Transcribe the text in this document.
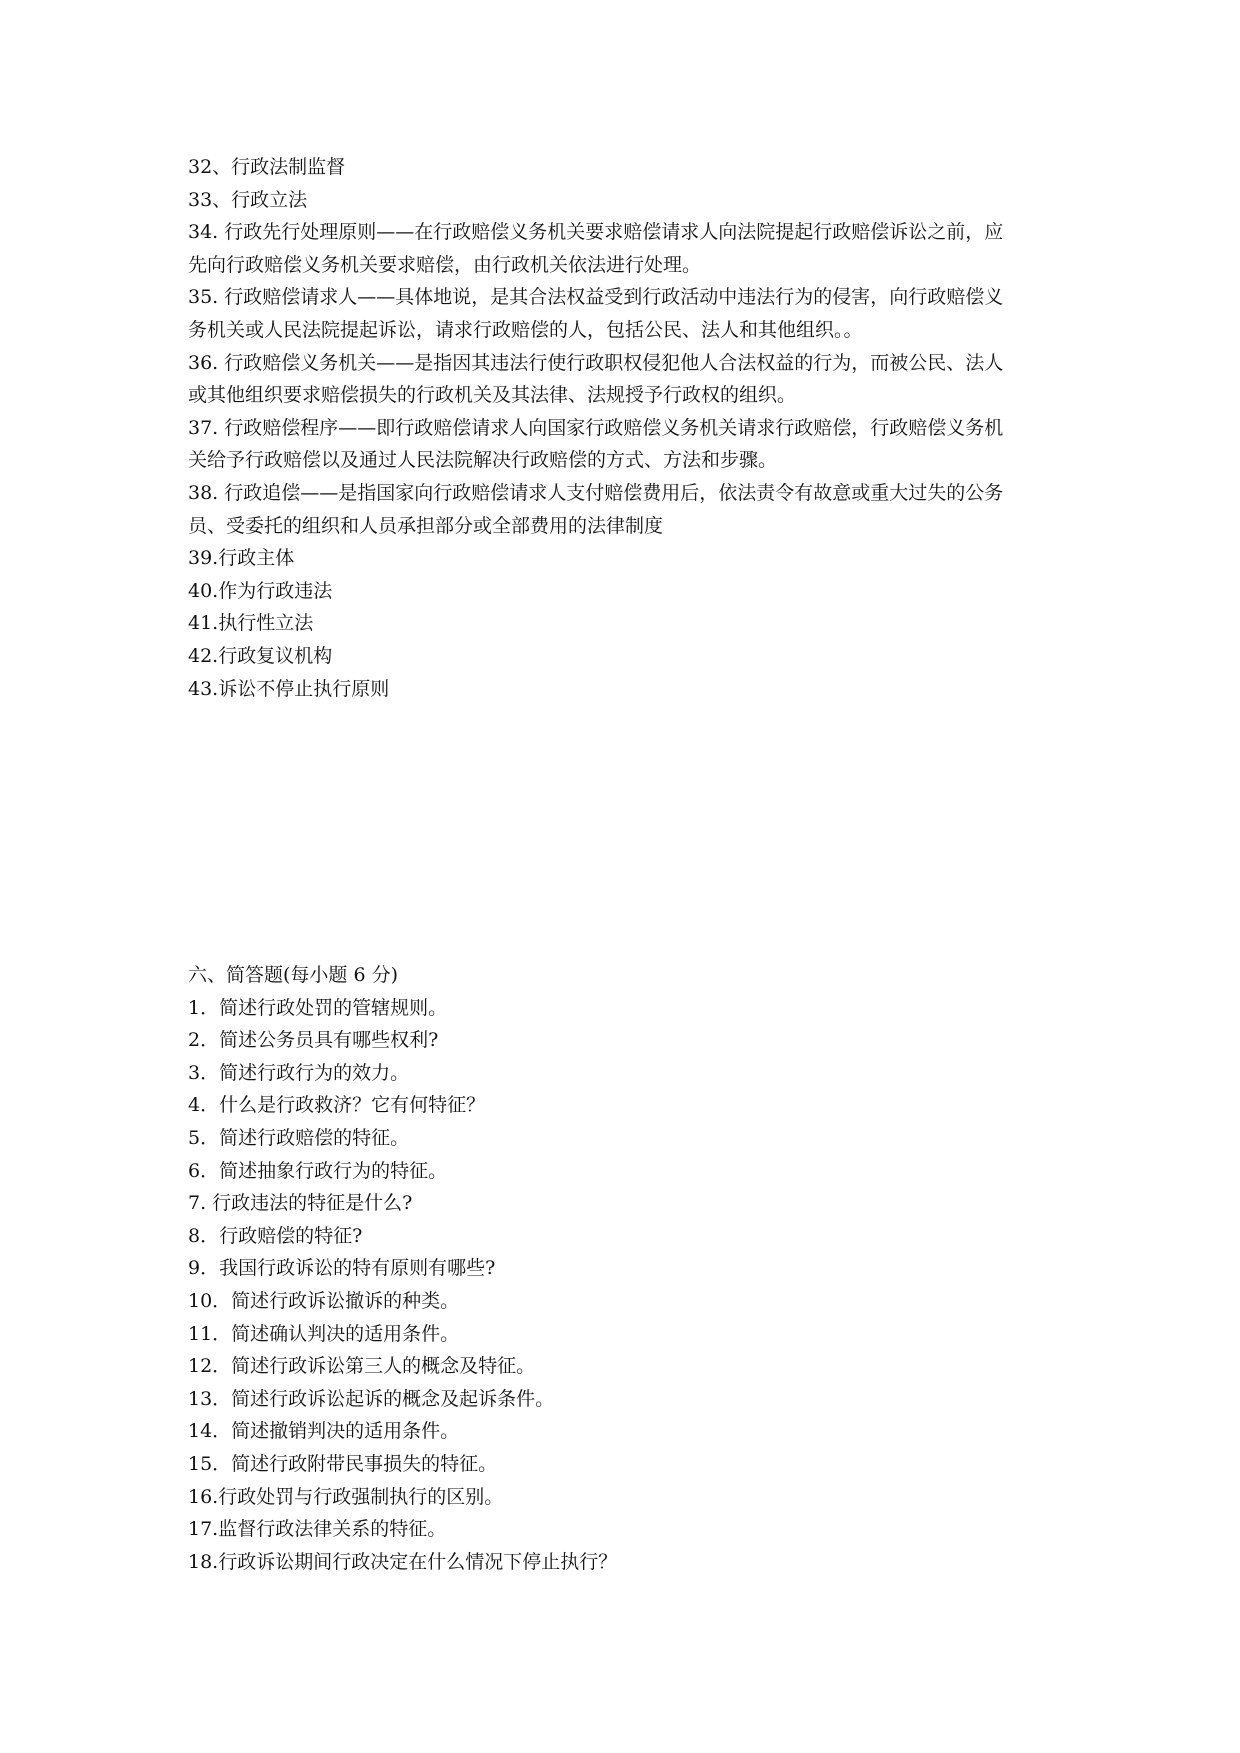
32、行政法制监督
33、行政立法
34. 行政先行处理原则——在行政赔偿义务机关要求赔偿请求人向法院提起行政赔偿诉讼之前，应
先向行政赔偿义务机关要求赔偿，由行政机关依法进行处理。
35. 行政赔偿请求人——具体地说，是其合法权益受到行政活动中违法行为的侵害，向行政赔偿义
务机关或人民法院提起诉讼，请求行政赔偿的人，包括公民、法人和其他组织。。
36. 行政赔偿义务机关——是指因其违法行使行政职权侵犯他人合法权益的行为，而被公民、法人
或其他组织要求赔偿损失的行政机关及其法律、法规授予行政权的组织。
37. 行政赔偿程序——即行政赔偿请求人向国家行政赔偿义务机关请求行政赔偿，行政赔偿义务机
关给予行政赔偿以及通过人民法院解决行政赔偿的方式、方法和步骤。
38. 行政追偿——是指国家向行政赔偿请求人支付赔偿费用后，依法责令有故意或重大过失的公务
员、受委托的组织和人员承担部分或全部费用的法律制度
39.行政主体
40.作为行政违法
41.执行性立法
42.行政复议机构
43.诉讼不停止执行原则
六、简答题(每小题 6 分)
1．简述行政处罚的管辖规则。
2．简述公务员具有哪些权利?
3．简述行政行为的效力。
4．什么是行政救济？它有何特征？
5．简述行政赔偿的特征。
6．简述抽象行政行为的特征。
7. 行政违法的特征是什么?
8．行政赔偿的特征?
9．我国行政诉讼的特有原则有哪些?
10．简述行政诉讼撤诉的种类。
11．简述确认判决的适用条件。
12．简述行政诉讼第三人的概念及特征。
13．简述行政诉讼起诉的概念及起诉条件。
14．简述撤销判决的适用条件。
15．简述行政附带民事损失的特征。
16.行政处罚与行政强制执行的区别。
17.监督行政法律关系的特征。
18.行政诉讼期间行政决定在什么情况下停止执行？
